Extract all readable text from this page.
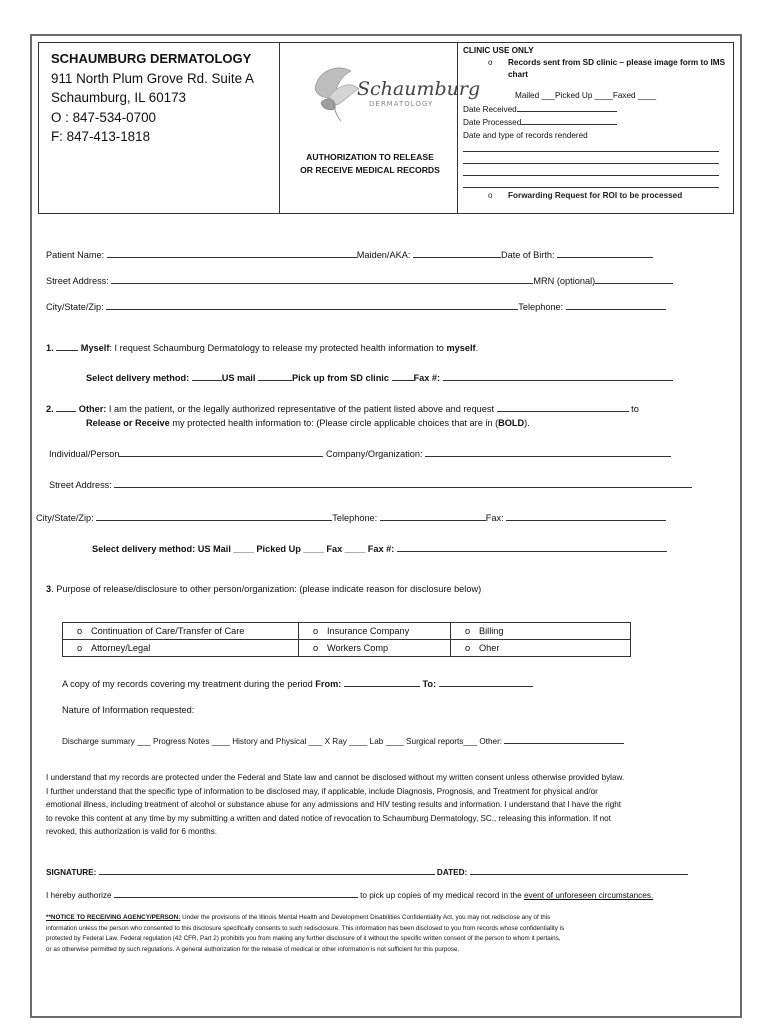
SCHAUMBURG DERMATOLOGY
911 North Plum Grove Rd. Suite A
Schaumburg, IL 60173
O : 847-534-0700
F: 847-413-1818
Schaumburg
DERMATOLOGY
AUTHORIZATION TO RELEASE
OR RECEIVE MEDICAL RECORDS
CLINIC USE ONLY
o Records sent from SD clinic – please image form to IMS chart
Mailed ___Picked Up ____Faxed ____
Date Received
Date Processed
Date and type of records rendered
o Forwarding Request for ROI to be processed
Patient Name:	Maiden/AKA:	Date of Birth:
Street Address:	MRN (optional)
City/State/Zip:	Telephone:
1.	Myself: I request Schaumburg Dermatology to release my protected health information to myself.
Select delivery method:	US mail	Pick up from SD clinic	Fax #:
2.	Other: I am the patient, or the legally authorized representative of the patient listed above and request	to
Release or Receive my protected health information to: (Please circle applicable choices that are in (BOLD).
Individual/Person	Company/Organization:
Street Address:
City/State/Zip:	Telephone:	Fax:
Select delivery method: US Mail ____ Picked Up ____ Fax ____ Fax #:
3. Purpose of release/disclosure to other person/organization: (please indicate reason for disclosure below)
o Continuation of Care/Transfer of Care	o Insurance Company	o Billing

o Attorney/Legal	o Workers Comp	o Oher
A copy of my records covering my treatment during the period From:	To:
Nature of Information requested:
Discharge summary ___ Progress Notes ____ History and Physical ___ X Ray ____ Lab ____ Surgical reports___ Other:
I understand that my records are protected under the Federal and State law and cannot be disclosed without my written consent unless otherwise provided bylaw.
I further understand that the specific type of information to be disclosed may, if applicable, include Diagnosis, Prognosis, and Treatment for physical and/or
emotional illness, including treatment of alcohol or substance abuse for any admissions and HIV testing results and information. I understand that I have the right
to revoke this content at any time by my submitting a written and dated notice of revocation to Schaumburg Dermatology, SC., releasing this information. If not
revoked, this authorization is valid for 6 months.
SIGNATURE:	DATED:
I hereby authorize	to pick up copies of my medical record in the event of unforeseen circumstances.
**NOTICE TO RECEIVING AGENCY/PERSON: Under the provisions of the Illinois Mental Health and Development Disabilities Confidentiality Act, you may not redisclose any of this
information unless the person who consented to this disclosure specifically consents to such redisclosure. This information has been disclosed to you from records whose confidentiality is
protected by Federal Law. Federal regulation (42 CFR, Part 2) prohibits you from making any further disclosure of it without the specific written consent of the person to whom it pertains,
or as otherwise permitted by such regulations. A general authorization for the release of medical or other information is not sufficient for this purpose.
